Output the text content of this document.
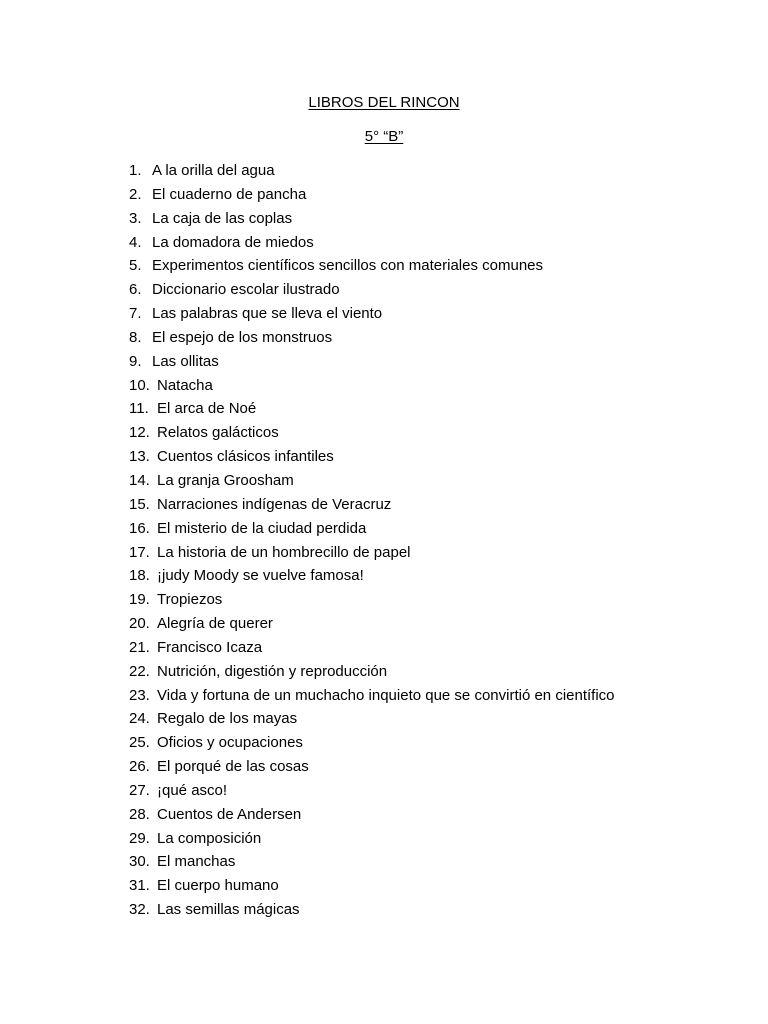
LIBROS DEL RINCON
5° “B”
1. A la orilla del agua
2. El cuaderno de pancha
3. La caja de las coplas
4. La domadora de miedos
5. Experimentos científicos sencillos con materiales comunes
6. Diccionario escolar ilustrado
7. Las palabras que se lleva el viento
8. El espejo de los monstruos
9. Las ollitas
10. Natacha
11. El arca de Noé
12. Relatos galácticos
13. Cuentos clásicos infantiles
14. La granja Groosham
15. Narraciones indígenas de Veracruz
16. El misterio de la ciudad perdida
17. La historia de un hombrecillo de papel
18. ¡judy Moody se vuelve famosa!
19. Tropiezos
20. Alegría de querer
21. Francisco Icaza
22. Nutrición, digestión y reproducción
23. Vida y fortuna de un muchacho inquieto que se convirtió en científico
24. Regalo de los mayas
25. Oficios y ocupaciones
26. El porqué de las cosas
27. ¡qué asco!
28. Cuentos de Andersen
29. La composición
30. El manchas
31. El cuerpo humano
32. Las semillas mágicas
